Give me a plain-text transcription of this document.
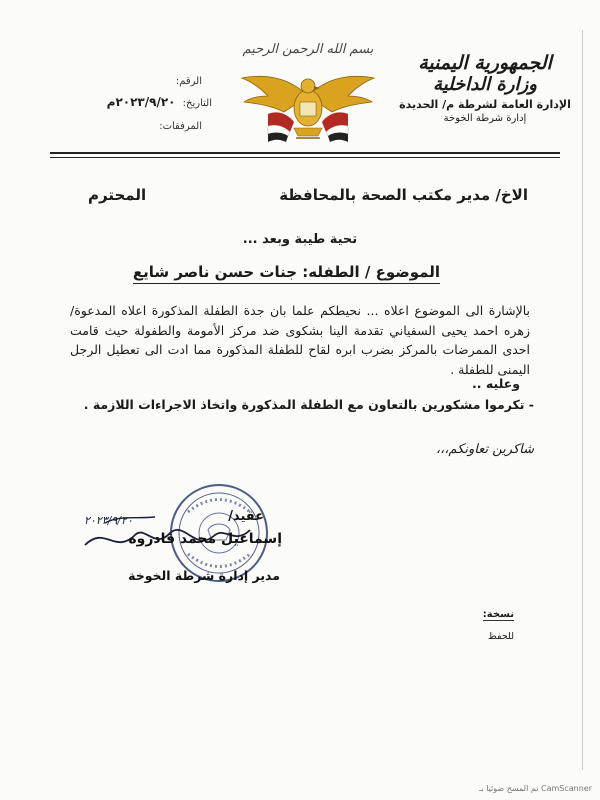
الجمهورية اليمنية
وزارة الداخلية
الإدارة العامة لشرطة م/ الحديدة
إدارة شرطة الخوخة
بسم الله الرحمن الرحيم
الرقم:
التاريخ: ٢٠٢٣/٩/٢٠م
المرفقات:
الاخ/ مدير مكتب الصحة بالمحافظة
المحترم
تحية طيبة وبعد ...
الموضوع / الطفله: جنات حسن ناصر شايع
بالإشارة الى الموضوع اعلاه ... نحيطكم علما بان جدة الطفلة المذكورة اعلاه المدعوة/ زهره احمد يحيى السفياني تقدمة الينا بشكوى ضد مركز الأمومة والطفولة حيث قامت احدى الممرضات بالمركز بضرب ابره لقاح للطفلة المذكورة مما ادت الى تعطيل الرجل اليمنى للطفلة .
وعليه ..
- تكرموا مشكورين بالتعاون مع الطفلة المذكورة واتخاذ الاجراءات اللازمة .
شاكرين تعاونكم،،،
٢٠٢٣/٩/٢٠	عقيد/
إسماعيل محمد قادروه
مدير إدارة شرطة الخوخة
نسخة:
للحفظ
CamScanner تم المسح ضوئيا بـ
